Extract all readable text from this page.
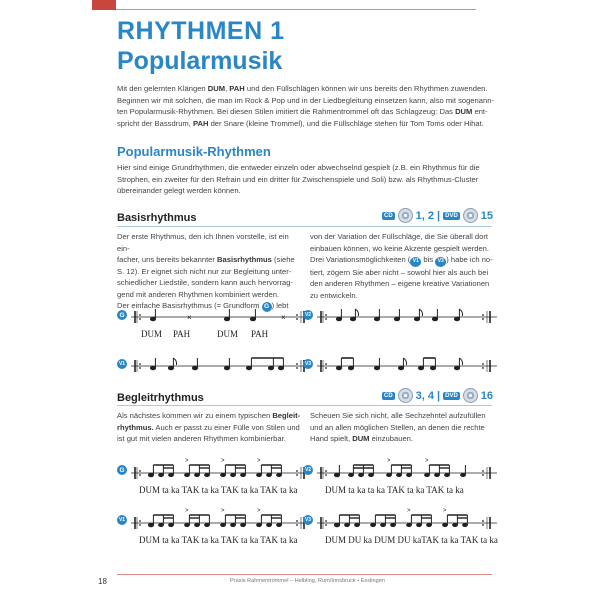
RHYTHMEN 1
Popularmusik
Mit den gelernten Klängen DUM, PAH und den Füllschlägen können wir uns bereits den Rhythmen zuwenden.
Beginnen wir mit solchen, die man im Rock & Pop und in der Liedbegleitung einsetzen kann, also mit sogenann-
ten Popularmusik-Rhythmen. Bei diesen Stilen imitiert die Rahmentrommel oft das Schlagzeug: Das DUM ent-
spricht der Bassdrum, PAH der Snare (kleine Trommel), und die Füllschläge stehen für Tom Toms oder Hihat.
Popularmusik-Rhythmen
Hier sind einige Grundrhythmen, die entweder einzeln oder abwechselnd gespielt (z.B. ein Rhythmus für die
Strophen, ein zweiter für den Refrain und ein dritter für Zwischenspiele und Soli) bzw. als Rhythmus-Cluster
übereinander gelegt werden können.
Basisrhythmus	CD 1, 2 | DVD 15
Der erste Rhythmus, den ich Ihnen vorstelle, ist ein ein-
facher, uns bereits bekannter Basisrhythmus (siehe
S. 12). Er eignet sich nicht nur zur Begleitung unter-
schiedlicher Liedstile, sondern kann auch hervorrag-
gend mit anderen Rhythmen kombiniert werden.
Der einfache Basisrhythmus (= Grundform G ) lebt
von der Variation der Füllschläge, die Sie überall dort
einbauen können, wo keine Akzente gespielt werden.
Drei Variationsmöglichkeiten ( V1 bis V3 ) habe ich no-
tiert, zögern Sie aber nicht – sowohl hier als auch bei
den anderen Rhythmen – eigene kreative Variationen
zu entwickeln.
G	×	×
DUM PAH	DUM PAH
V1
V2
V3
Begleitrhythmus	CD 3, 4 | DVD 16
Als nächstes kommen wir zu einem typischen Begleit-
rhythmus. Auch er passt zu einer Fülle von Stilen und
ist gut mit vielen anderen Rhythmen kombinierbar.
Scheuen Sie sich nicht, alle Sechzehntel aufzufüllen
und an allen möglichen Stellen, an denen die rechte
Hand spielt, DUM einzubauen.
G
>	>	>
DUM ta ka TAK ta ka TAK ta ka TAK ta ka
V2
>	>
DUM ta ka ta ka TAK ta ka TAK ta ka
V1
>	>	>
DUM ta ka TAK ta ka TAK ta ka TAK ta ka
V3
>	>
DUM DU ka DUM DU kaTAK ta ka TAK ta ka
18	Praxis Rahmentrommel – Helbling, Rum/Innsbruck • Esslingen
